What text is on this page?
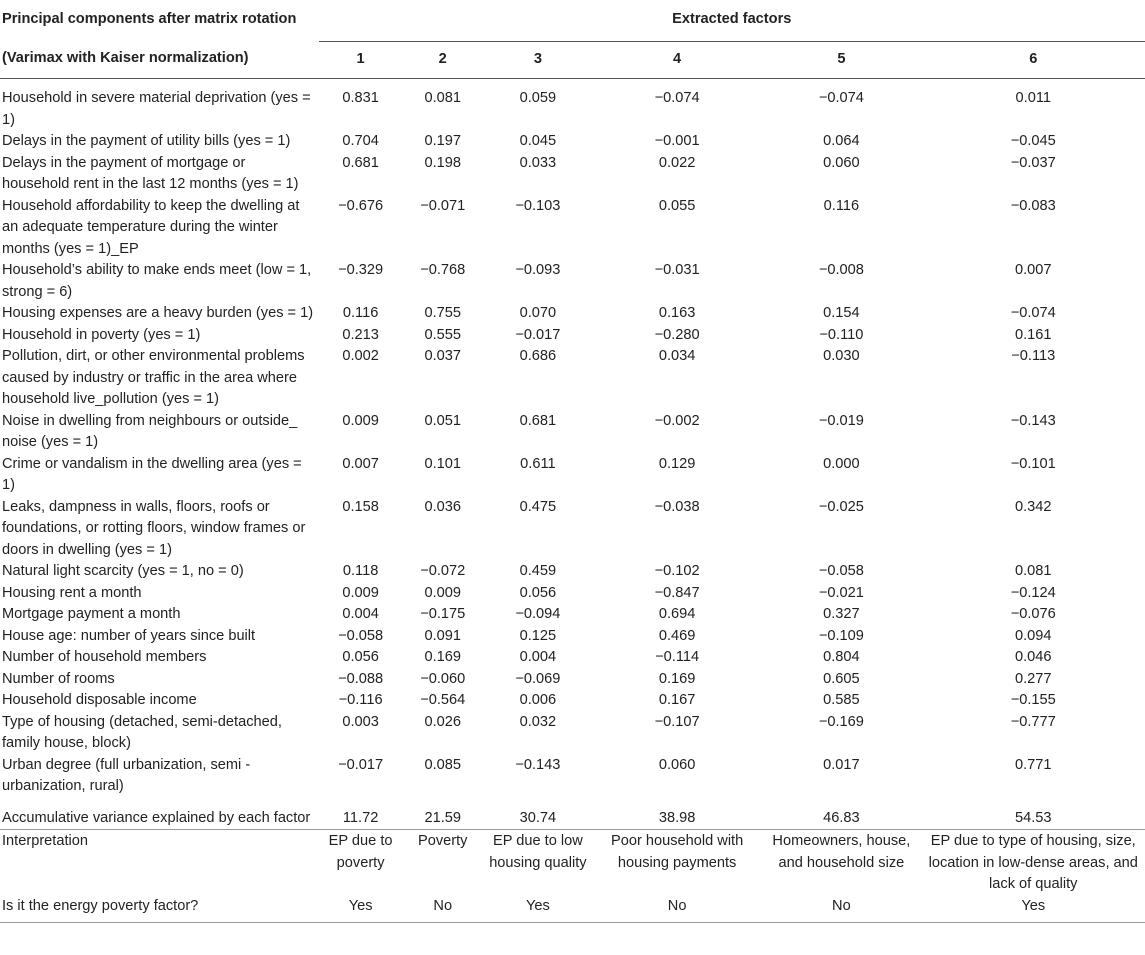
Principal components after matrix rotation	Extracted factors					
(Varimax with Kaiser normalization)	1	2	3	4	5	6
Household in severe material deprivation (yes = 1)	0.831	0.081	0.059	−0.074	−0.074	0.011
Delays in the payment of utility bills (yes = 1)	0.704	0.197	0.045	−0.001	0.064	−0.045
Delays in the payment of mortgage or household rent in the last 12 months (yes = 1)	0.681	0.198	0.033	0.022	0.060	−0.037
Household affordability to keep the dwelling at an adequate temperature during the winter months (yes = 1)_EP	−0.676	−0.071	−0.103	0.055	0.116	−0.083
Household’s ability to make ends meet (low = 1, strong = 6)	−0.329	−0.768	−0.093	−0.031	−0.008	0.007
Housing expenses are a heavy burden (yes = 1)	0.116	0.755	0.070	0.163	0.154	−0.074
Household in poverty (yes = 1)	0.213	0.555	−0.017	−0.280	−0.110	0.161
Pollution, dirt, or other environmental problems caused by industry or traffic in the area where household live_pollution (yes = 1)	0.002	0.037	0.686	0.034	0.030	−0.113
Noise in dwelling from neighbours or outside_ noise (yes = 1)	0.009	0.051	0.681	−0.002	−0.019	−0.143
Crime or vandalism in the dwelling area (yes = 1)	0.007	0.101	0.611	0.129	0.000	−0.101
Leaks, dampness in walls, floors, roofs or foundations, or rotting floors, window frames or doors in dwelling (yes = 1)	0.158	0.036	0.475	−0.038	−0.025	0.342
Natural light scarcity (yes = 1, no = 0)	0.118	−0.072	0.459	−0.102	−0.058	0.081
Housing rent a month	0.009	0.009	0.056	−0.847	−0.021	−0.124
Mortgage payment a month	0.004	−0.175	−0.094	0.694	0.327	−0.076
House age: number of years since built	−0.058	0.091	0.125	0.469	−0.109	0.094
Number of household members	0.056	0.169	0.004	−0.114	0.804	0.046
Number of rooms	−0.088	−0.060	−0.069	0.169	0.605	0.277
Household disposable income	−0.116	−0.564	0.006	0.167	0.585	−0.155
Type of housing (detached, semi-detached, family house, block)	0.003	0.026	0.032	−0.107	−0.169	−0.777
Urban degree (full urbanization, semi -urbanization, rural)	−0.017	0.085	−0.143	0.060	0.017	0.771
Accumulative variance explained by each factor	11.72	21.59	30.74	38.98	46.83	54.53
Interpretation	EP due to poverty	Poverty	EP due to low housing quality	Poor household with housing payments	Homeowners, house, and household size	EP due to type of housing, size, location in low-dense areas, and lack of quality
Is it the energy poverty factor?	Yes	No	Yes	No	No	Yes
